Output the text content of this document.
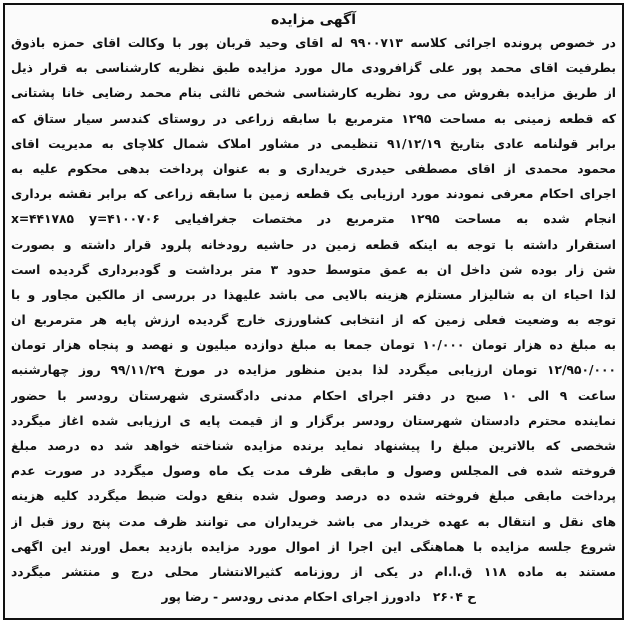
آگهی مزایده
در خصوص پرونده اجرائی کلاسه ۹۹۰۰۷۱۳ له اقای وحید قربان پور با وکالت اقای حمزه باذوق
بطرفیت اقای محمد پور علی گزافرودی مال مورد مزایده طبق نظریه کارشناسی به قرار ذیل
از طریق مزایده بفروش می رود نظریه کارشناسی شخص ثالثی بنام محمد رضایی خانا پشتانی
که قطعه زمینی به مساحت ۱۲۹۵ مترمربع با سابقه زراعی در روستای کندسر سیار ستاق که
برابر قولنامه عادی بتاریخ ۹۱/۱۲/۱۹ تنظیمی در مشاور املاک شمال کلاچای به مدیریت اقای
محمود محمدی از اقای مصطفی حیدری خریداری و به عنوان پرداخت بدهی محکوم علیه به
اجرای احکام معرفی نمودند مورد ارزیابی یک قطعه زمین با سابقه زراعی که برابر نقشه برداری
انجام شده به مساحت ۱۲۹۵ مترمربع در مختصات جغرافیایی x=۴۴۱۷۸۵ y=۴۱۰۰۷۰۶
استقرار داشته با توجه به اینکه قطعه زمین در حاشیه رودخانه پلرود قرار داشته و بصورت
شن زار بوده شن داخل ان به عمق متوسط حدود ۳ متر برداشت و گودبرداری گردیده است
لذا احیاء ان به شالیزار مستلزم هزینه بالایی می باشد علیهذا در بررسی از مالکین مجاور و با
توجه به وضعیت فعلی زمین که از انتخابی کشاورزی خارج گردیده ارزش پایه هر مترمربع ان
به مبلغ ده هزار تومان ۱۰/۰۰۰ تومان جمعا به مبلغ دوازده میلیون و نهصد و پنجاه هزار تومان
۱۲/۹۵۰/۰۰۰ تومان ارزیابی میگردد لذا بدین منظور مزایده در مورخ ۹۹/۱۱/۲۹ روز چهارشنبه
ساعت ۹ الی ۱۰ صبح در دفتر اجرای احکام مدنی دادگستری شهرستان رودسر با حضور
نماینده محترم دادستان شهرستان رودسر برگزار و از قیمت پایه ی ارزیابی شده اغاز میگردد
شخصی که بالاترین مبلغ را پیشنهاد نماید برنده مزایده شناخته خواهد شد ده درصد مبلغ
فروخته شده فی المجلس وصول و مابقی ظرف مدت یک ماه وصول میگردد در صورت عدم
پرداخت مابقی مبلغ فروخته شده ده درصد وصول شده بنفع دولت ضبط میگردد کلیه هزینه
های نقل و انتقال به عهده خریدار می باشد خریداران می توانند ظرف مدت پنج روز قبل از
شروع جلسه مزایده با هماهنگی این اجرا از اموال مورد مزایده بازدید بعمل اورند این اگهی
مستند به ماده ۱۱۸ ق.ا.ام در یکی از روزنامه کثیرالانتشار محلی درج و منتشر میگردد
ح ۲۶۰۴دادورز اجرای احکام مدنی رودسر - رضا پور
